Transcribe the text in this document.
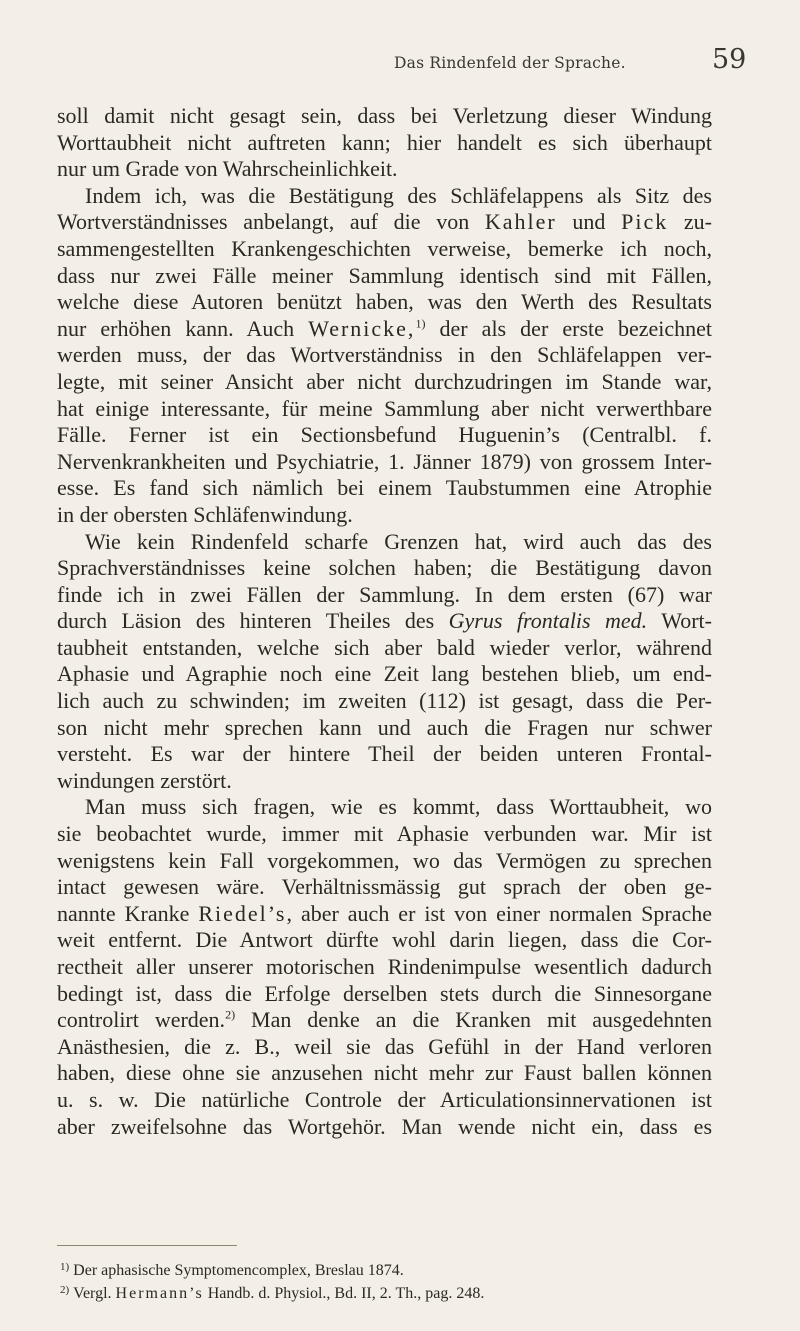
Das Rindenfeld der Sprache.	59
soll damit nicht gesagt sein, dass bei Verletzung dieser Windung
Worttaubheit nicht auftreten kann; hier handelt es sich überhaupt
nur um Grade von Wahrscheinlichkeit.
Indem ich, was die Bestätigung des Schläfelappens als Sitz des
Wortverständnisses anbelangt, auf die von Kahler und Pick zu-
sammengestellten Krankengeschichten verweise, bemerke ich noch,
dass nur zwei Fälle meiner Sammlung identisch sind mit Fällen,
welche diese Autoren benützt haben, was den Werth des Resultats
nur erhöhen kann. Auch Wernicke,$^{1)}$ der als der erste bezeichnet
werden muss, der das Wortverständniss in den Schläfelappen ver-
legte, mit seiner Ansicht aber nicht durchzudringen im Stande war,
hat einige interessante, für meine Sammlung aber nicht verwerthbare
Fälle. Ferner ist ein Sectionsbefund Huguenin’s (Centralbl. f.
Nervenkrankheiten und Psychiatrie, 1. Jänner 1879) von grossem Inter-
esse. Es fand sich nämlich bei einem Taubstummen eine Atrophie
in der obersten Schläfenwindung.
Wie kein Rindenfeld scharfe Grenzen hat, wird auch das des
Sprachverständnisses keine solchen haben; die Bestätigung davon
finde ich in zwei Fällen der Sammlung. In dem ersten (67) war
durch Läsion des hinteren Theiles des Gyrus frontalis med. Wort-
taubheit entstanden, welche sich aber bald wieder verlor, während
Aphasie und Agraphie noch eine Zeit lang bestehen blieb, um end-
lich auch zu schwinden; im zweiten (112) ist gesagt, dass die Per-
son nicht mehr sprechen kann und auch die Fragen nur schwer
versteht. Es war der hintere Theil der beiden unteren Frontal-
windungen zerstört.
Man muss sich fragen, wie es kommt, dass Worttaubheit, wo
sie beobachtet wurde, immer mit Aphasie verbunden war. Mir ist
wenigstens kein Fall vorgekommen, wo das Vermögen zu sprechen
intact gewesen wäre. Verhältnissmässig gut sprach der oben ge-
nannte Kranke Riedel’s, aber auch er ist von einer normalen Sprache
weit entfernt. Die Antwort dürfte wohl darin liegen, dass die Cor-
rectheit aller unserer motorischen Rindenimpulse wesentlich dadurch
bedingt ist, dass die Erfolge derselben stets durch die Sinnesorgane
controlirt werden.$^{2)}$ Man denke an die Kranken mit ausgedehnten
Anästhesien, die z. B., weil sie das Gefühl in der Hand verloren
haben, diese ohne sie anzusehen nicht mehr zur Faust ballen können
u. s. w. Die natürliche Controle der Articulationsinnervationen ist
aber zweifelsohne das Wortgehör. Man wende nicht ein, dass es
$^{1)}$ Der aphasische Symptomencomplex, Breslau 1874.
$^{2)}$ Vergl. Hermann’s Handb. d. Physiol., Bd. II, 2. Th., pag. 248.
